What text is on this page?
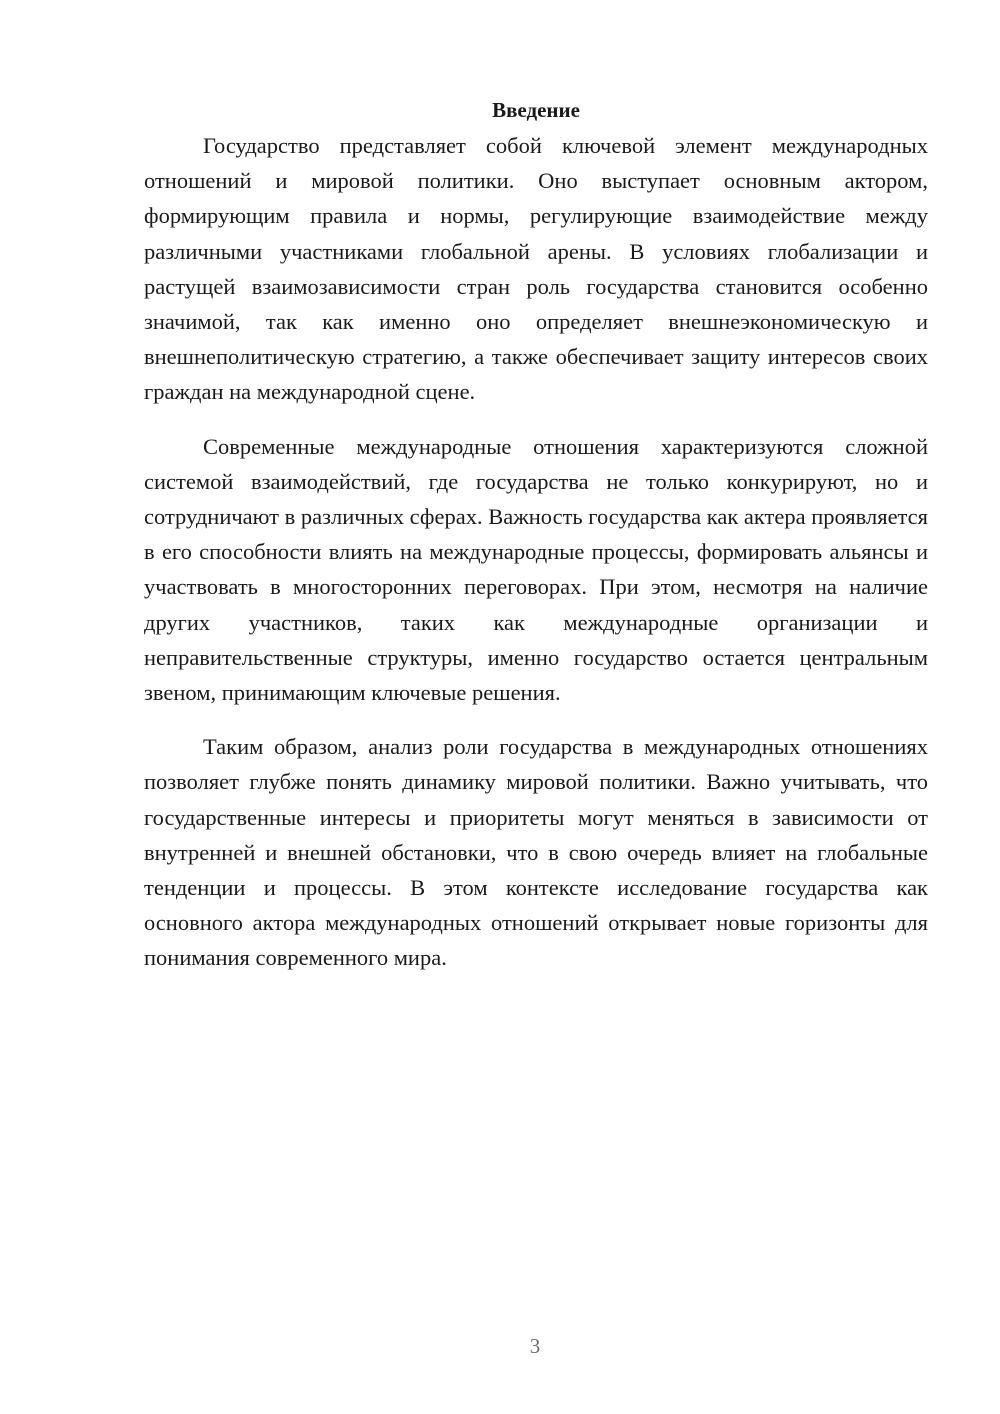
Введение

Государство представляет собой ключевой элемент международных отношений и мировой политики. Оно выступает основным актором, формирующим правила и нормы, регулирующие взаимодействие между различными участниками глобальной арены. В условиях глобализации и растущей взаимозависимости стран роль государства становится особенно значимой, так как именно оно определяет внешнеэкономическую и внешнеполитическую стратегию, а также обеспечивает защиту интересов своих граждан на международной сцене.

Современные международные отношения характеризуются сложной системой взаимодействий, где государства не только конкурируют, но и сотрудничают в различных сферах. Важность государства как актера проявляется в его способности влиять на международные процессы, формировать альянсы и участвовать в многосторонних переговорах. При этом, несмотря на наличие других участников, таких как международные организации и неправительственные структуры, именно государство остается центральным звеном, принимающим ключевые решения.

Таким образом, анализ роли государства в международных отношениях позволяет глубже понять динамику мировой политики. Важно учитывать, что государственные интересы и приоритеты могут меняться в зависимости от внутренней и внешней обстановки, что в свою очередь влияет на глобальные тенденции и процессы. В этом контексте исследование государства как основного актора международных отношений открывает новые горизонты для понимания современного мира.

3
